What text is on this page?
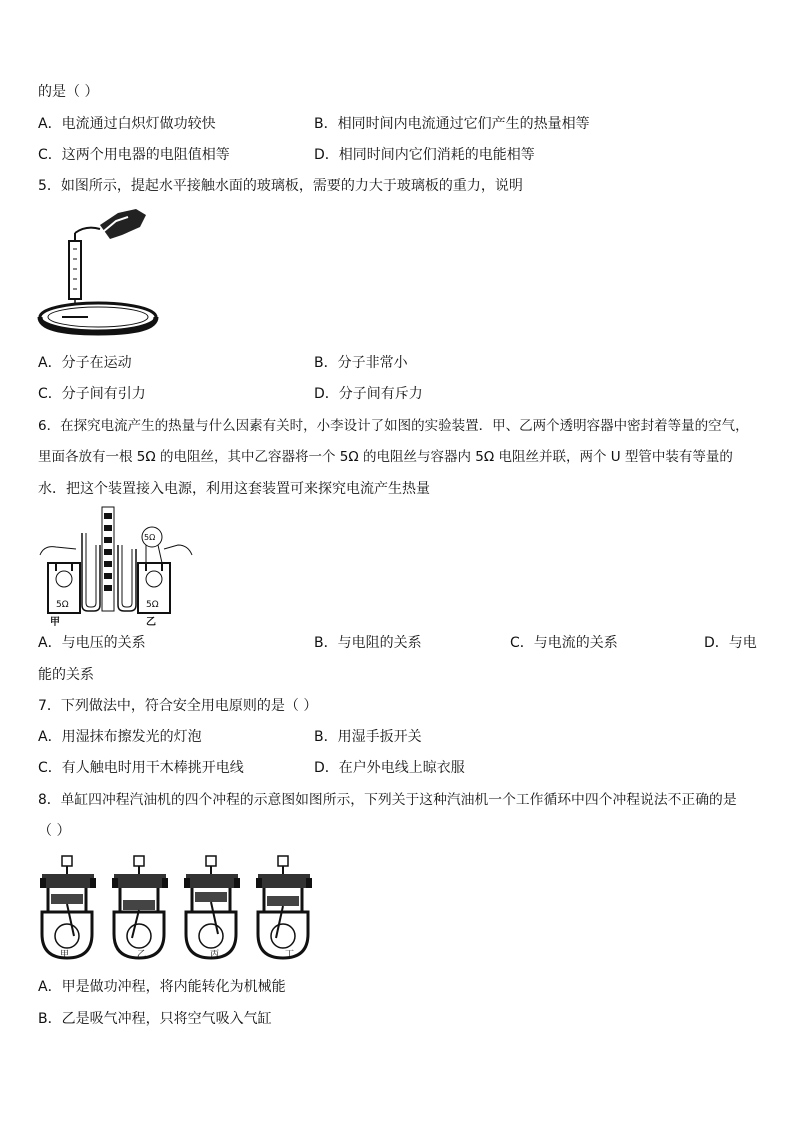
的是（ ）
A．电流通过白炽灯做功较快	B．相同时间内电流通过它们产生的热量相等
C．这两个用电器的电阻值相等	D．相同时间内它们消耗的电能相等
5．如图所示，提起水平接触水面的玻璃板，需要的力大于玻璃板的重力，说明
A．分子在运动	B．分子非常小
C．分子间有引力	D．分子间有斥力
6．在探究电流产生的热量与什么因素有关时，小李设计了如图的实验装置．甲、乙两个透明容器中密封着等量的空气，
里面各放有一根 5Ω 的电阻丝，其中乙容器将一个 5Ω 的电阻丝与容器内 5Ω 电阻丝并联，两个 U 型管中装有等量的
水．把这个装置接入电源，利用这套装置可来探究电流产生热量
5Ω	5Ω
5Ω
甲	乙
A．与电压的关系	B．与电阻的关系	C．与电流的关系	D．与电
能的关系
7．下列做法中，符合安全用电原则的是（ ）
A．用湿抹布擦发光的灯泡	B．用湿手扳开关
C．有人触电时用干木棒挑开电线	D．在户外电线上晾衣服
8．单缸四冲程汽油机的四个冲程的示意图如图所示，下列关于这种汽油机一个工作循环中四个冲程说法不正确的是
（ ）
甲	乙	丙	丁
A．甲是做功冲程，将内能转化为机械能
B．乙是吸气冲程，只将空气吸入气缸
